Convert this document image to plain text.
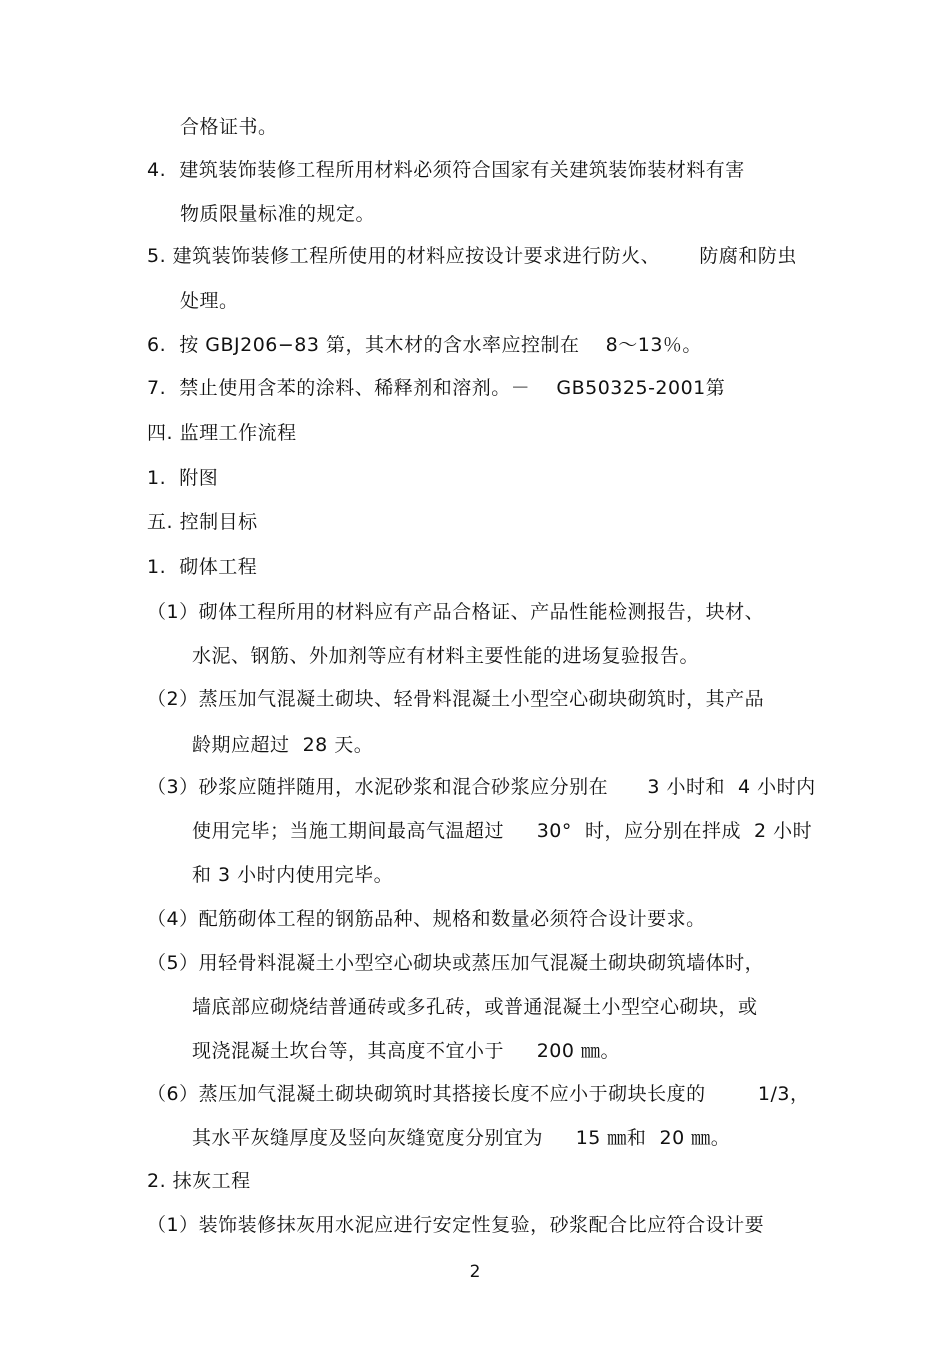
合格证书。
4.  建筑装饰装修工程所用材料必须符合国家有关建筑装饰装材料有害
物质限量标准的规定。
5. 建筑装饰装修工程所使用的材料应按设计要求进行防火、      防腐和防虫
处理。
6.  按 GBJ206−83 第，其木材的含水率应控制在    8～13％。
7.  禁止使用含苯的涂料、稀释剂和溶剂。－    GB50325-2001第
四. 监理工作流程
1.  附图
五. 控制目标
1.  砌体工程
（1）砌体工程所用的材料应有产品合格证、产品性能检测报告，块材、
水泥、钢筋、外加剂等应有材料主要性能的进场复验报告。
（2）蒸压加气混凝土砌块、轻骨料混凝土小型空心砌块砌筑时，其产品
龄期应超过  28 天。
（3）砂浆应随拌随用，水泥砂浆和混合砂浆应分别在      3 小时和  4 小时内
使用完毕；当施工期间最高气温超过     30°  时，应分别在拌成  2 小时
和 3 小时内使用完毕。
（4）配筋砌体工程的钢筋品种、规格和数量必须符合设计要求。
（5）用轻骨料混凝土小型空心砌块或蒸压加气混凝土砌块砌筑墙体时，
墙底部应砌烧结普通砖或多孔砖，或普通混凝土小型空心砌块，或
现浇混凝土坎台等，其高度不宜小于     200 ㎜。
（6）蒸压加气混凝土砌块砌筑时其搭接长度不应小于砌块长度的        1/3，
其水平灰缝厚度及竖向灰缝宽度分别宜为     15 ㎜和  20 ㎜。
2. 抹灰工程
（1）装饰装修抹灰用水泥应进行安定性复验，砂浆配合比应符合设计要
2
